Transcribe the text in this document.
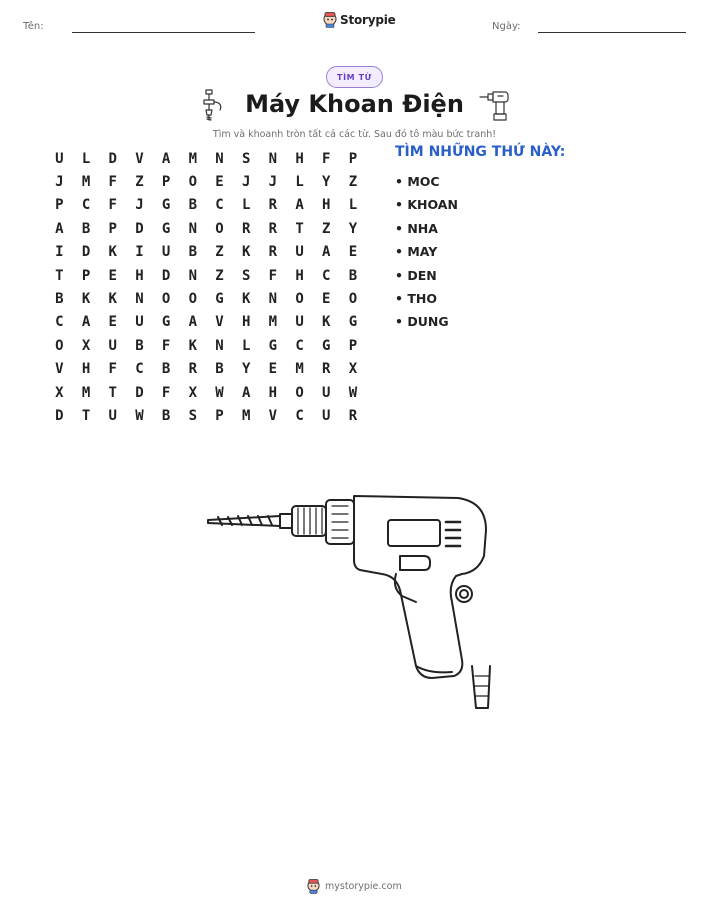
Tên:	Storypie	Ngày:
TÌM TỪ
Máy Khoan Điện
Tìm và khoanh tròn tất cả các từ. Sau đó tô màu bức tranh!
U	L	D	V	A	M	N	S	N	H	F	P
J	M	F	Z	P	O	E	J	J	L	Y	Z
P	C	F	J	G	B	C	L	R	A	H	L
A	B	P	D	G	N	O	R	R	T	Z	Y
I	D	K	I	U	B	Z	K	R	U	A	E
T	P	E	H	D	N	Z	S	F	H	C	B
B	K	K	N	O	O	G	K	N	O	E	O
C	A	E	U	G	A	V	H	M	U	K	G
O	X	U	B	F	K	N	L	G	C	G	P
V	H	F	C	B	R	B	Y	E	M	R	X
X	M	T	D	F	X	W	A	H	O	U	W
D	T	U	W	B	S	P	M	V	C	U	R
TÌM NHỮNG THỨ NÀY:
• MOC
• KHOAN
• NHA
• MAY
• DEN
• THO
• DUNG
mystorypie.com
